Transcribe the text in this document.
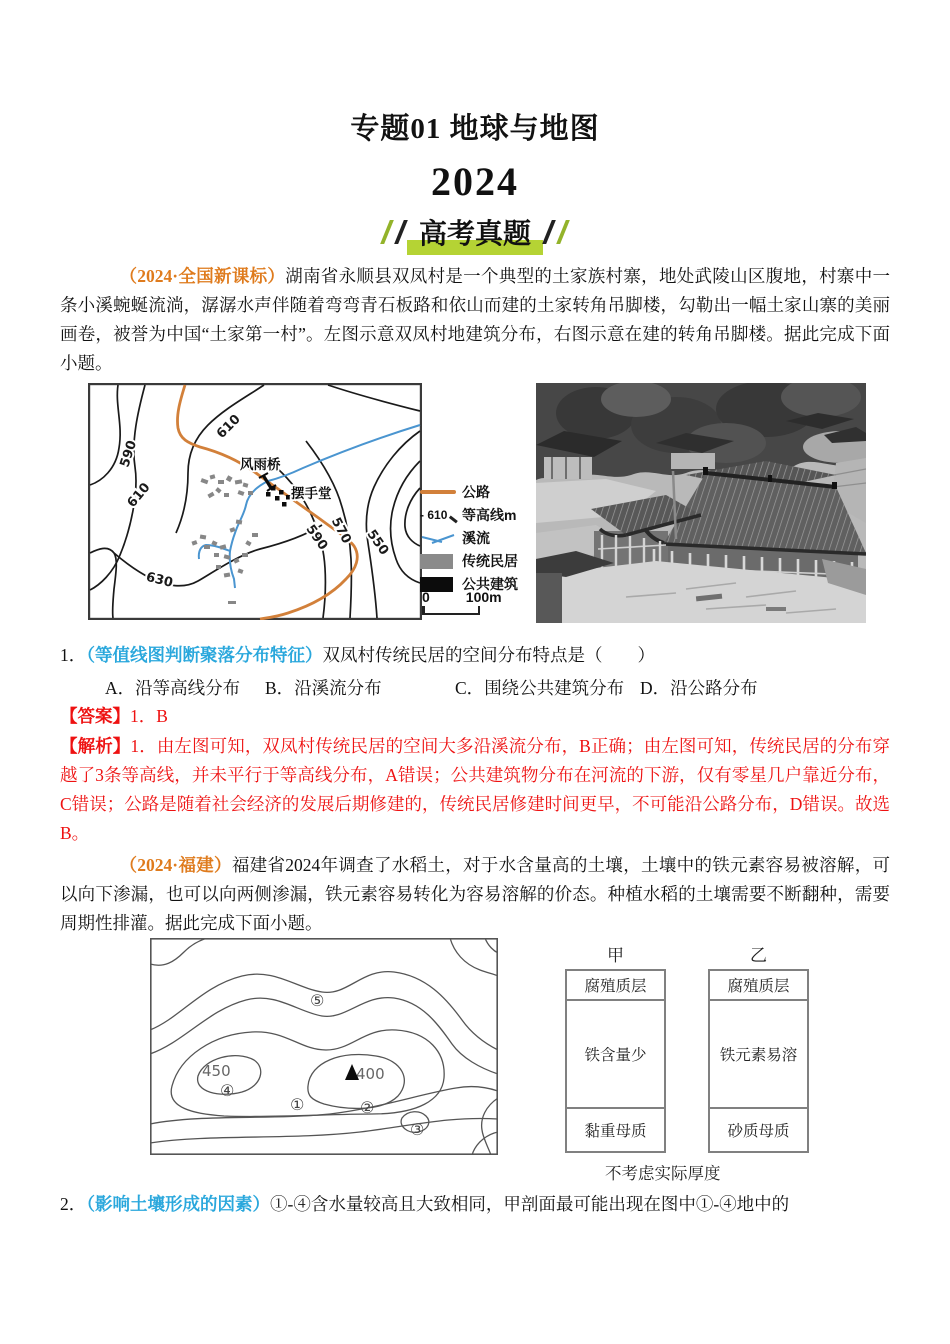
专题01 地球与地图
2024
高考真题
（2024·全国新课标）湖南省永顺县双凤村是一个典型的土家族村寨，地处武陵山区腹地，村寨中一条小溪蜿蜒流淌，潺潺水声伴随着弯弯青石板路和依山而建的土家转角吊脚楼，勾勒出一幅土家山寨的美丽画卷，被誉为中国“土家第一村”。左图示意双凤村地建筑分布，右图示意在建的转角吊脚楼。据此完成下面小题。
590
610
610
630
590
570 550
风雨桥
摆手堂	公路
- 610 等高线m
溪流
传统民居
公共建筑
0	100m
1．（等值线图判断聚落分布特征）双凤村传统民居的空间分布特点是（　　）
A．沿等高线分布	B．沿溪流分布	C．围绕公共建筑分布 D．沿公路分布
【答案】1．B
【解析】1．由左图可知，双凤村传统民居的空间大多沿溪流分布，B正确；由左图可知，传统民居的分布穿越了3条等高线，并未平行于等高线分布，A错误；公共建筑物分布在河流的下游，仅有零星几户靠近分布，C错误；公路是随着社会经济的发展后期修建的，传统民居修建时间更早，不可能沿公路分布，D错误。故选B。
（2024·福建）福建省2024年调查了水稻土，对于水含量高的土壤，土壤中的铁元素容易被溶解，可以向下渗漏，也可以向两侧渗漏，铁元素容易转化为容易溶解的价态。种植水稻的土壤需要不断翻种，需要周期性排灌。据此完成下面小题。
450	400
⑤
④
①	②
③
甲
腐殖质层
铁含量少
黏重母质
乙
腐殖质层
铁元素易溶
砂质母质
不考虑实际厚度
2．（影响土壤形成的因素）①-④含水量较高且大致相同，甲剖面最可能出现在图中①-④地中的
